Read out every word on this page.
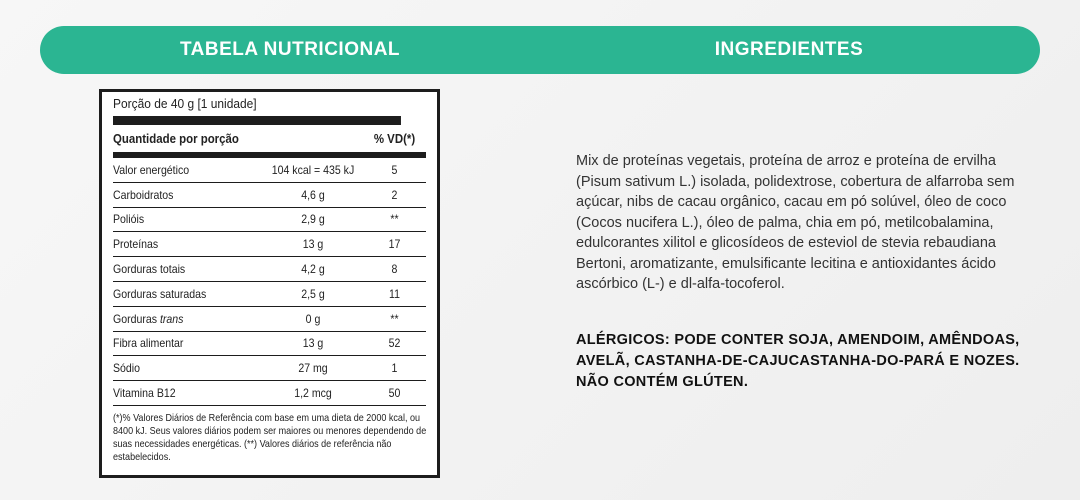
TABELA NUTRICIONAL	INGREDIENTES
Porção de 40 g [1 unidade]
Quantidade por porção	% VD(*)
Valor energético	104 kcal = 435 kJ	5
Carboidratos	4,6 g	2
Polióis	2,9 g	**
Proteínas	13 g	17
Gorduras totais	4,2 g	8
Gorduras saturadas	2,5 g	11
Gorduras trans	0 g	**
Fibra alimentar	13 g	52
Sódio	27 mg	1
Vitamina B12	1,2 mcg	50
(*)% Valores Diários de Referência com base em uma dieta de 2000 kcal, ou 8400 kJ. Seus valores diários podem ser maiores ou menores dependendo de suas necessidades energéticas. (**) Valores diários de referência não estabelecidos.
Mix de proteínas vegetais, proteína de arroz e proteína de ervilha (Pisum sativum L.) isolada, polidextrose, cobertura de alfarroba sem açúcar, nibs de cacau orgânico, cacau em pó solúvel, óleo de coco (Cocos nucifera L.), óleo de palma, chia em pó, metilcobalamina, edulcorantes xilitol e glicosídeos de esteviol de stevia rebaudiana Bertoni, aromatizante, emulsificante lecitina e antioxidantes ácido ascórbico (L-) e dl-alfa-tocoferol.
ALÉRGICOS: PODE CONTER SOJA, AMENDOIM, AMÊNDOAS, AVELÃ, CASTANHA-DE-CAJUCASTANHA-DO-PARÁ E NOZES. NÃO CONTÉM GLÚTEN.
